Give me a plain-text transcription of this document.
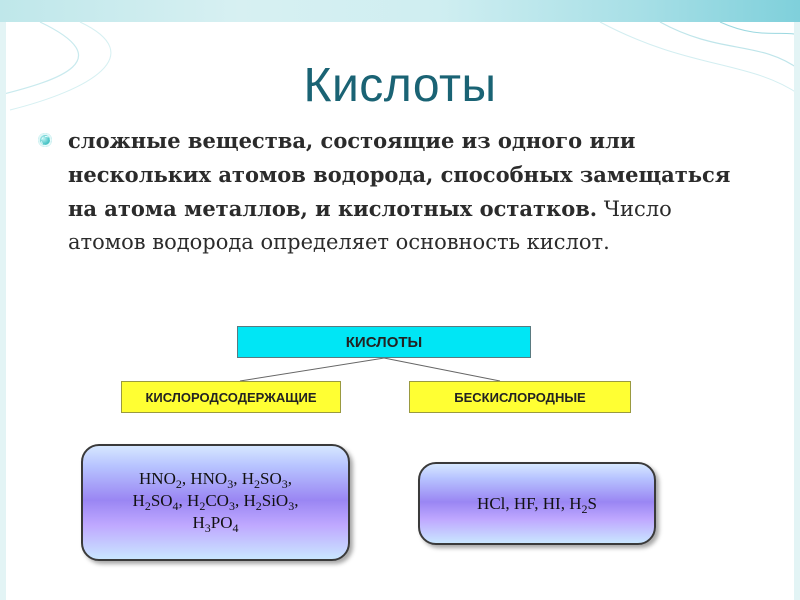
Кислоты
сложные вещества, состоящие из одного или нескольких атомов водорода, способных замещаться на атома металлов, и кислотных остатков. Число атомов водорода определяет основность кислот.
КИСЛОТЫ
КИСЛОРОДСОДЕРЖАЩИЕ	БЕСКИСЛОРОДНЫЕ
$HNO_2$, $HNO_3$, $H_2SO_3$,
$H_2SO_4$, $H_2CO_3$, $H_2SiO_3$,
$H_3PO_4$
HCl, HF, HI, $H_2S$
